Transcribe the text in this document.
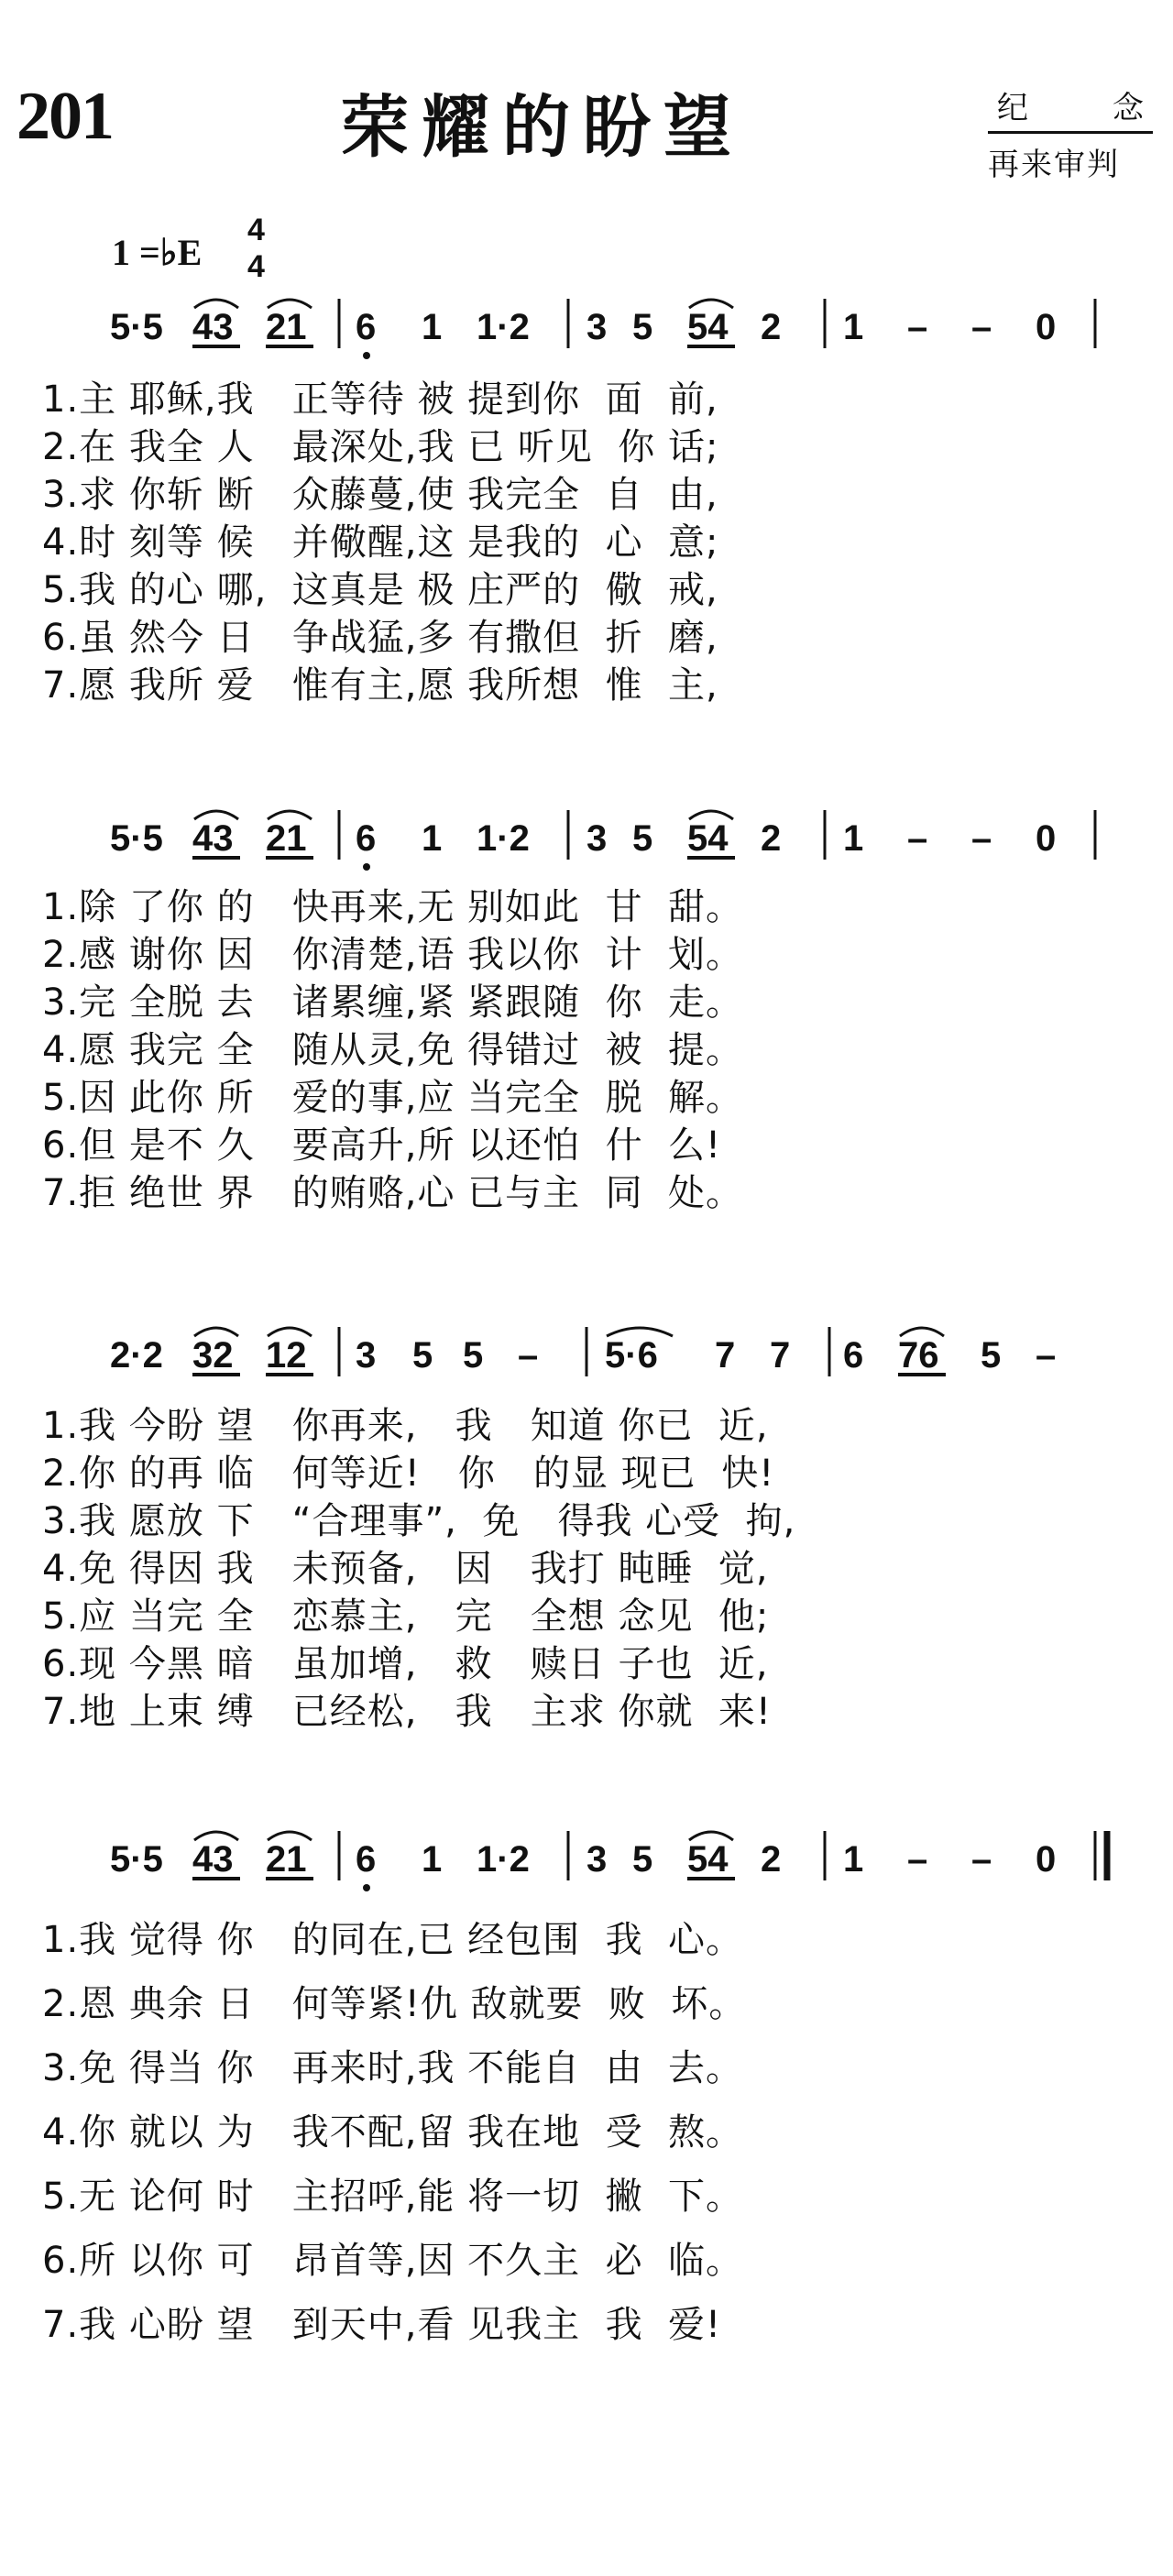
201	荣耀的盼望	纪	念
再来审判
1 =♭E
4
4
5·5 43 21 6 1 1·2 3 5 54 2 1 – – 0
1.主 耶稣,我   正等待 被 提到你  面  前,
2.在 我全 人   最深处,我 已 听见  你 话;
3.求 你斩 断   众藤蔓,使 我完全  自  由,
4.时 刻等 候   并儆醒,这 是我的  心  意;
5.我 的心 哪,  这真是 极 庄严的  儆  戒,
6.虽 然今 日   争战猛,多 有撒但  折  磨,
7.愿 我所 爱   惟有主,愿 我所想  惟  主,
5·5 43 21 6 1 1·2 3 5 54 2 1 – – 0
1.除 了你 的   快再来,无 别如此  甘  甜。
2.感 谢你 因   你清楚,语 我以你  计  划。
3.完 全脱 去   诸累缠,紧 紧跟随  你  走。
4.愿 我完 全   随从灵,免 得错过  被  提。
5.因 此你 所   爱的事,应 当完全  脱  解。
6.但 是不 久   要高升,所 以还怕  什  么!
7.拒 绝世 界   的贿赂,心 已与主  同  处。
2·2 32 12 3 5 5 – 5·6 7 7 6 76 5 –
1.我 今盼 望   你再来,   我   知道 你已  近,
2.你 的再 临   何等近!   你   的显 现已  快!
3.我 愿放 下   “合理事”,  免   得我 心受  拘,
4.免 得因 我   未预备,   因   我打 盹睡  觉,
5.应 当完 全   恋慕主,   完   全想 念见  他;
6.现 今黑 暗   虽加增,   救   赎日 子也  近,
7.地 上束 缚   已经松,   我   主求 你就  来!
5·5 43 21 6 1 1·2 3 5 54 2 1 – – 0
1.我 觉得 你   的同在,已 经包围  我  心。
2.恩 典余 日   何等紧!仇 敌就要  败  坏。
3.免 得当 你   再来时,我 不能自  由  去。
4.你 就以 为   我不配,留 我在地  受  熬。
5.无 论何 时   主招呼,能 将一切  撇  下。
6.所 以你 可   昂首等,因 不久主  必  临。
7.我 心盼 望   到天中,看 见我主  我  爱!
